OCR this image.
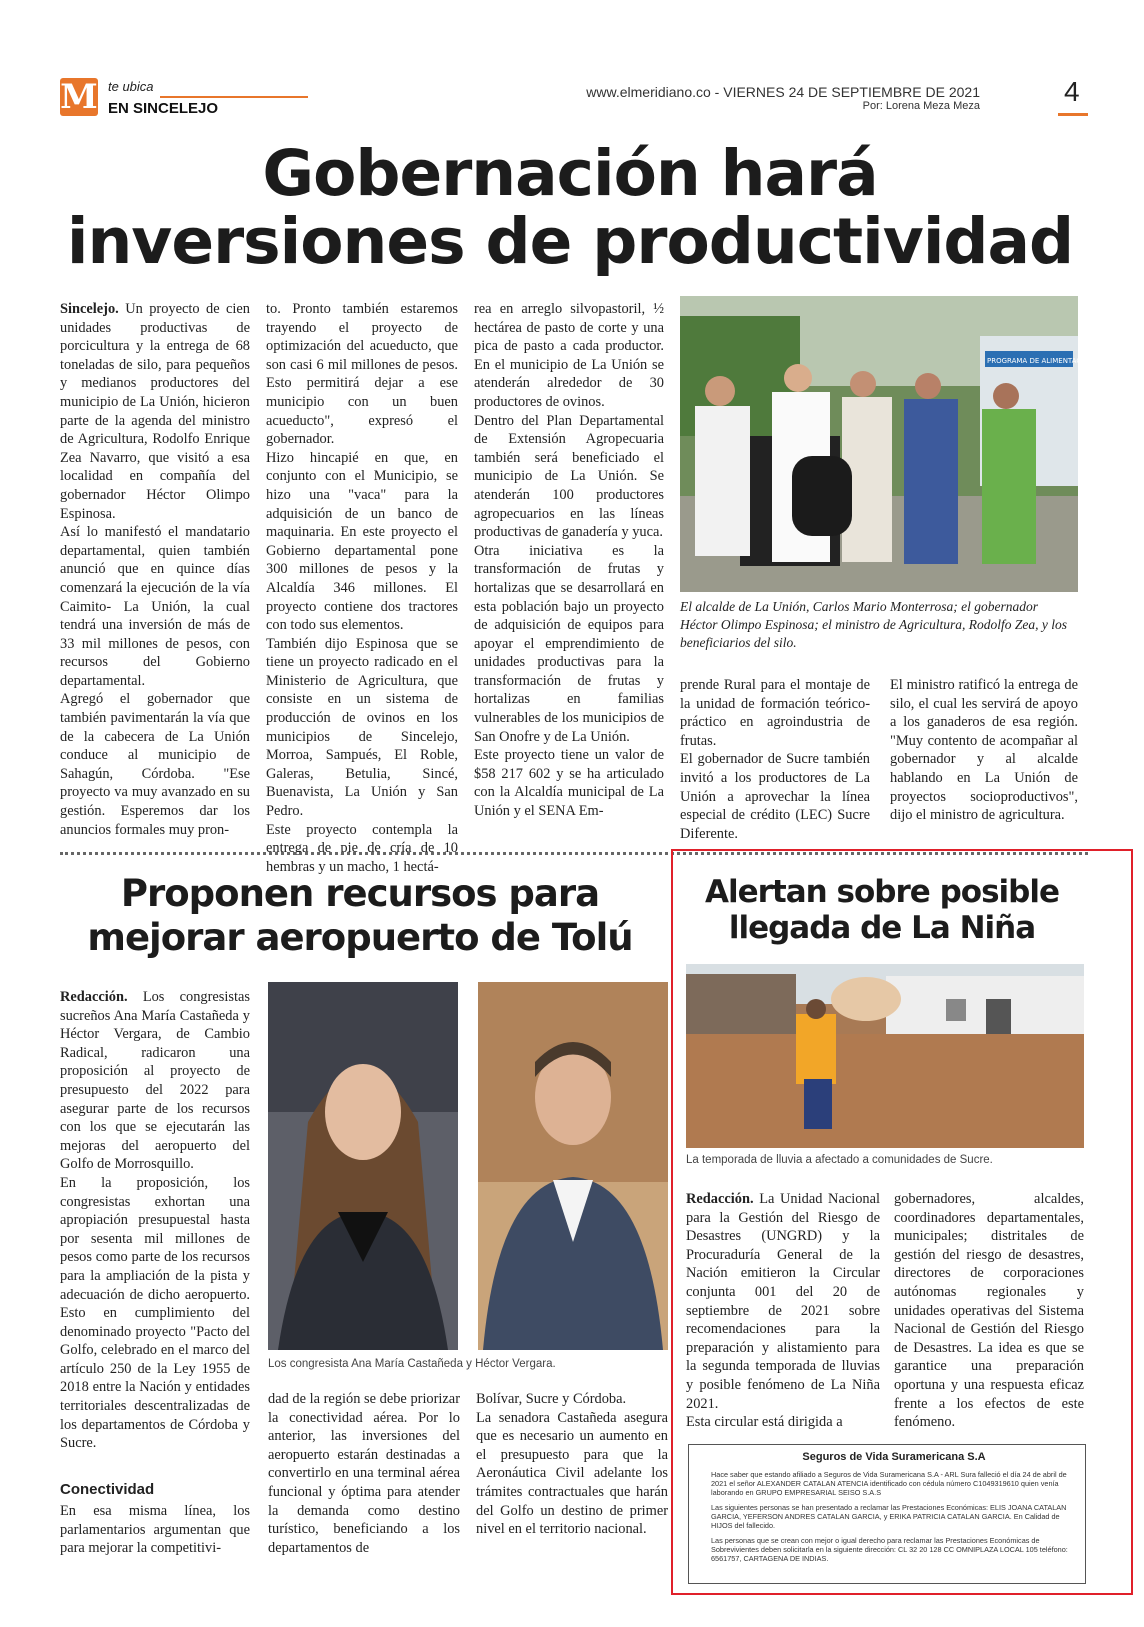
M te ubica
EN SINCELEJO
www.elmeridiano.co - VIERNES 24 DE SEPTIEMBRE DE 2021
Por: Lorena Meza Meza	4
Gobernación hará
inversiones de productividad
Sincelejo. Un proyecto de cien unidades productivas de porcicultura y la entrega de 68 toneladas de silo, para pequeños y medianos productores del municipio de La Unión, hicieron parte de la agenda del ministro de Agricultura, Rodolfo Enrique Zea Navarro, que visitó a esa localidad en compañía del gobernador Héctor Olimpo Espinosa.
Así lo manifestó el mandatario departamental, quien también anunció que en quince días comenzará la ejecución de la vía Caimito- La Unión, la cual tendrá una inversión de más de 33 mil millones de pesos, con recursos del Gobierno departamental.
Agregó el gobernador que también pavimentarán la vía que de la cabecera de La Unión conduce al municipio de Sahagún, Córdoba. "Ese proyecto va muy avanzado en su gestión. Esperemos dar los anuncios formales muy pron-
to. Pronto también estaremos trayendo el proyecto de optimización del acueducto, que son casi 6 mil millones de pesos. Esto permitirá dejar a ese municipio con un buen acueducto", expresó el gobernador.
Hizo hincapié en que, en conjunto con el Municipio, se hizo una "vaca" para la adquisición de un banco de maquinaria. En este proyecto el Gobierno departamental pone 300 millones de pesos y la Alcaldía 346 millones. El proyecto contiene dos tractores con todo sus elementos.
También dijo Espinosa que se tiene un proyecto radicado en el Ministerio de Agricultura, que consiste en un sistema de producción de ovinos en los municipios de Sincelejo, Morroa, Sampués, El Roble, Galeras, Betulia, Sincé, Buenavista, La Unión y San Pedro.
Este proyecto contempla la entrega de pie de cría de 10 hembras y un macho, 1 hectá-
rea en arreglo silvopastoril, ½ hectárea de pasto de corte y una pica de pasto a cada productor. En el municipio de La Unión se atenderán alrededor de 30 productores de ovinos.
Dentro del Plan Departamental de Extensión Agropecuaria también será beneficiado el municipio de La Unión. Se atenderán 100 productores agropecuarios en las líneas productivas de ganadería y yuca.
Otra iniciativa es la transformación de frutas y hortalizas que se desarrollará en esta población bajo un proyecto de adquisición de equipos para apoyar el emprendimiento de unidades productivas para la transformación de frutas y hortalizas en familias vulnerables de los municipios de San Onofre y de La Unión.
Este proyecto tiene un valor de $58 217 602 y se ha articulado con la Alcaldía municipal de La Unión y el SENA Em-
PROGRAMA DE ALIMENTACIÓN
El alcalde de La Unión, Carlos Mario Monterrosa; el gobernador Héctor Olimpo Espinosa; el ministro de Agricultura, Rodolfo Zea, y los beneficiarios del silo.
prende Rural para el montaje de la unidad de formación teórico-práctico en agroindustria de frutas.
El gobernador de Sucre también invitó a los productores de La Unión a aprovechar la línea especial de crédito (LEC) Sucre Diferente.
El ministro ratificó la entrega de silo, el cual les servirá de apoyo a los ganaderos de esa región. "Muy contento de acompañar al gobernador y al alcalde hablando en La Unión de proyectos socioproductivos", dijo el ministro de agricultura.
Proponen recursos para
mejorar aeropuerto de Tolú
Redacción. Los congresistas sucreños Ana María Castañeda y Héctor Vergara, de Cambio Radical, radicaron una proposición al proyecto de presupuesto del 2022 para asegurar parte de los recursos con los que se ejecutarán las mejoras del aeropuerto del Golfo de Morrosquillo.
En la proposición, los congresistas exhortan una apropiación presupuestal hasta por sesenta mil millones de pesos como parte de los recursos para la ampliación de la pista y adecuación de dicho aeropuerto. Esto en cumplimiento del denominado proyecto "Pacto del Golfo, celebrado en el marco del artículo 250 de la Ley 1955 de 2018 entre la Nación y entidades territoriales descentralizadas de los departamentos de Córdoba y Sucre.
Conectividad
En esa misma línea, los parlamentarios argumentan que para mejorar la competitivi-
Los congresista Ana María Castañeda y Héctor Vergara.
dad de la región se debe priorizar la conectividad aérea. Por lo anterior, las inversiones del aeropuerto estarán destinadas a convertirlo en una terminal aérea funcional y óptima para atender la demanda como destino turístico, beneficiando a los departamentos de
Bolívar, Sucre y Córdoba.
La senadora Castañeda asegura que es necesario un aumento en el presupuesto para que la Aeronáutica Civil adelante los trámites contractuales que harán del Golfo un destino de primer nivel en el territorio nacional.
Alertan sobre posible
llegada de La Niña
La temporada de lluvia a afectado a comunidades de Sucre.
Redacción. La Unidad Nacional para la Gestión del Riesgo de Desastres (UNGRD) y la Procuraduría General de la Nación emitieron la Circular conjunta 001 del 20 de septiembre de 2021 sobre recomendaciones para la preparación y alistamiento para la segunda temporada de lluvias y posible fenómeno de La Niña 2021.
Esta circular está dirigida a
gobernadores, alcaldes, coordinadores departamentales, municipales; distritales de gestión del riesgo de desastres, directores de corporaciones autónomas regionales y unidades operativas del Sistema Nacional de Gestión del Riesgo de Desastres. La idea es que se garantice una preparación oportuna y una respuesta eficaz frente a los efectos de este fenómeno.
Seguros de Vida Suramericana S.A
Hace saber que estando afiliado a Seguros de Vida Suramericana S.A - ARL Sura falleció el día 24 de abril de 2021 el señor ALEXANDER CATALAN ATENCIA identificado con cédula número C1049319610 quien venía laborando en GRUPO EMPRESARIAL SEISO S.A.S
Las siguientes personas se han presentado a reclamar las Prestaciones Económicas: ELIS JOANA CATALAN GARCIA, YEFERSON ANDRES CATALAN GARCIA, y ERIKA PATRICIA CATALAN GARCIA. En Calidad de HIJOS del fallecido.
Las personas que se crean con mejor o igual derecho para reclamar las Prestaciones Económicas de Sobrevivientes deben solicitarla en la siguiente dirección: CL 32 20 128 CC OMNIPLAZA LOCAL 105 teléfono: 6561757, CARTAGENA DE INDIAS.
